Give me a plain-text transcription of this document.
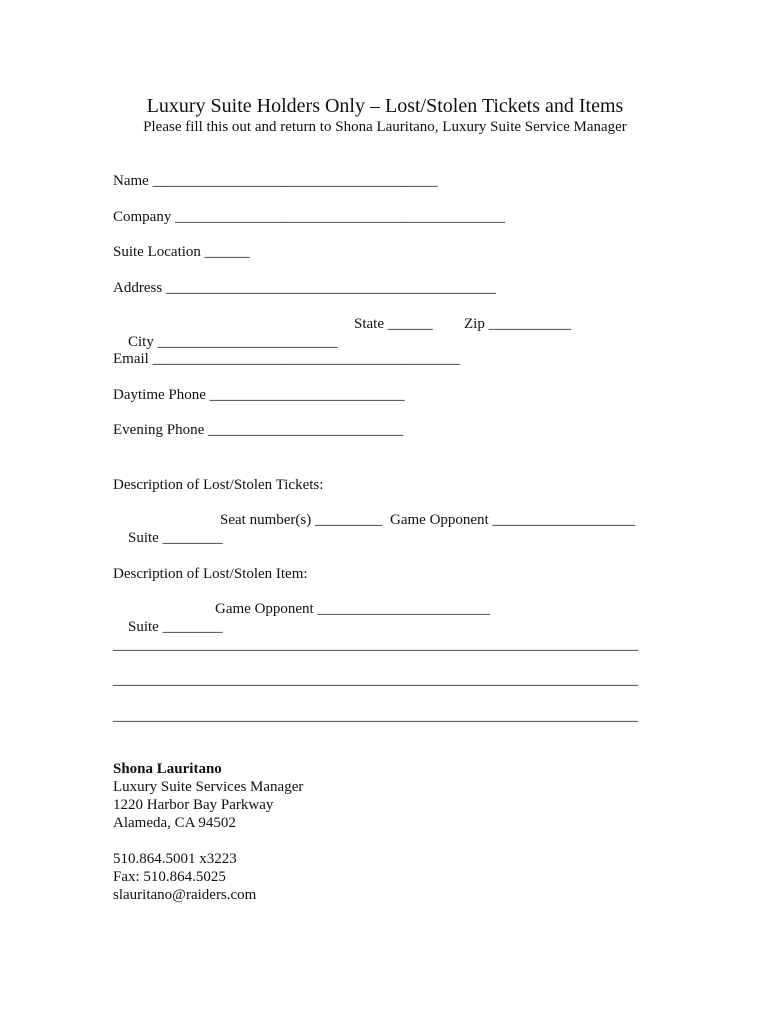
Luxury Suite Holders Only – Lost/Stolen Tickets and Items
Please fill this out and return to Shona Lauritano, Luxury Suite Service Manager
Name ______________________________________
Company ____________________________________________
Suite Location ______
Address ____________________________________________

City ________________________

State ______

Zip ___________

Email _________________________________________
Daytime Phone __________________________
Evening Phone __________________________
Description of Lost/Stolen Tickets:

Suite ________

Seat number(s) _________

Game Opponent ___________________

Description of Lost/Stolen Item:

Suite ________

Game Opponent _______________________

______________________________________________________________________
______________________________________________________________________
______________________________________________________________________
Shona Lauritano
Luxury Suite Services Manager
1220 Harbor Bay Parkway
Alameda, CA 94502
510.864.5001 x3223
Fax: 510.864.5025
slauritano@raiders.com
